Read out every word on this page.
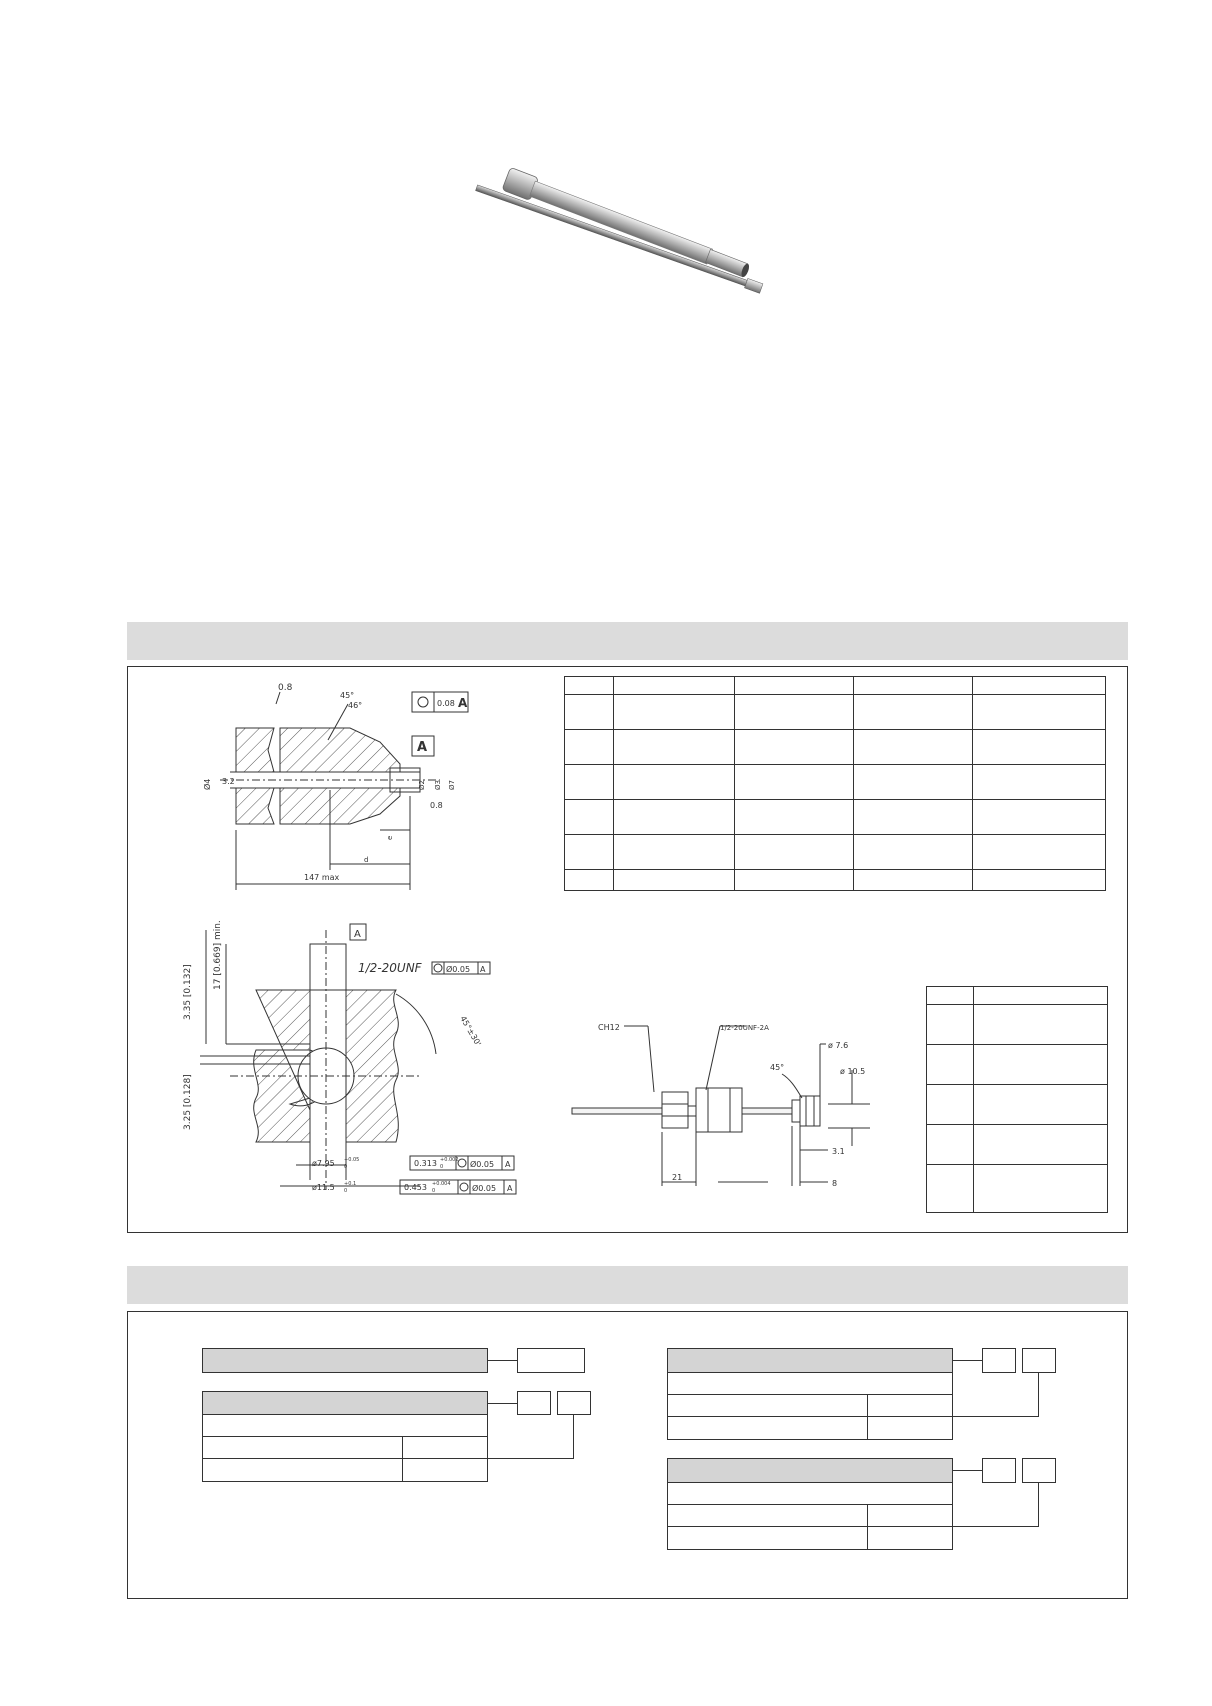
0.8
45°
46°	0.08 A
A
Ø4 3.2	Ø2 Ø3 Ø7
0.8
d
e
147 max
A
1/2-20UNF	Ø0.05 A
17 [0.669] min.
3.35 [0.132]
3.25 [0.128]
45°±30'
ø7.95 +0.05
0	0.313 +0.002
0	Ø0.05 A
ø11.5 +0.1
0	0.453 +0.004
0	Ø0.05 A

CH12	1/2-20UNF-2A
45°
ø 7.6
ø 10.5
21
3.1
8
